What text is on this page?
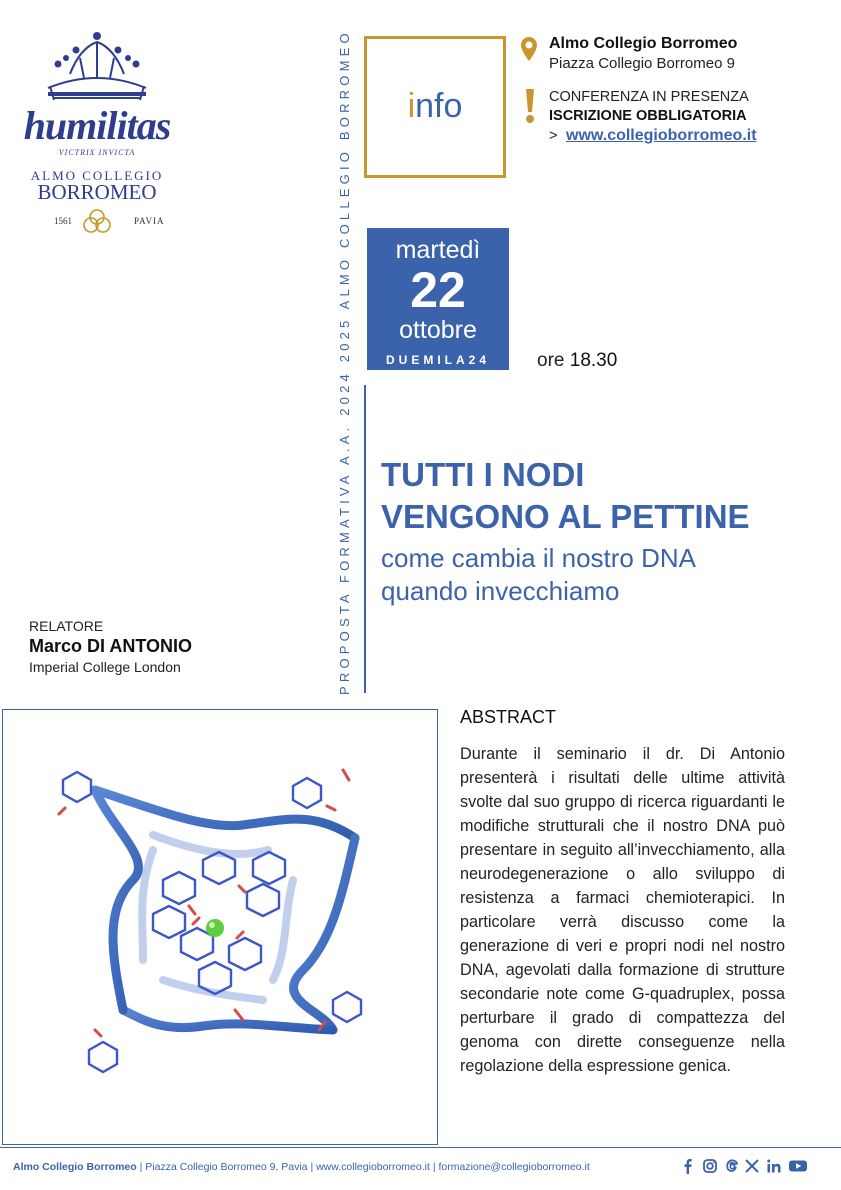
humilitas
VICTRIX INVICTA
ALMO COLLEGIO
BORROMEO
1561	PAVIA	PROPOSTA FORMATIVA A.A. 2024 2025 ALMO COLLEGIO BORROMEO	info
Almo Collegio Borromeo
Piazza Collegio Borromeo 9
CONFERENZA IN PRESENZA
ISCRIZIONE OBBLIGATORIA
> www.collegioborromeo.it
martedì
22
ottobre
DUEMILA24	ore 18.30
TUTTI I NODI
VENGONO AL PETTINE
come cambia il nostro DNA
quando invecchiamo
RELATORE
Marco DI ANTONIO
Imperial College London
ABSTRACT
Durante il seminario il dr. Di Antonio presenterà i risultati delle ultime attività svolte dal suo gruppo di ricerca riguardanti le modifiche strutturali che il nostro DNA può presentare in seguito all’invecchiamento, alla neurodegenerazione o allo sviluppo di resistenza a farmaci chemioterapici. In particolare verrà discusso come la generazione di veri e propri nodi nel nostro DNA, agevolati dalla formazione di strutture secondarie note come G-quadruplex, possa perturbare il grado di compattezza del genoma con dirette conseguenze nella regolazione della espressione genica.
Almo Collegio Borromeo | Piazza Collegio Borromeo 9, Pavia | www.collegioborromeo.it | formazione@collegioborromeo.it
